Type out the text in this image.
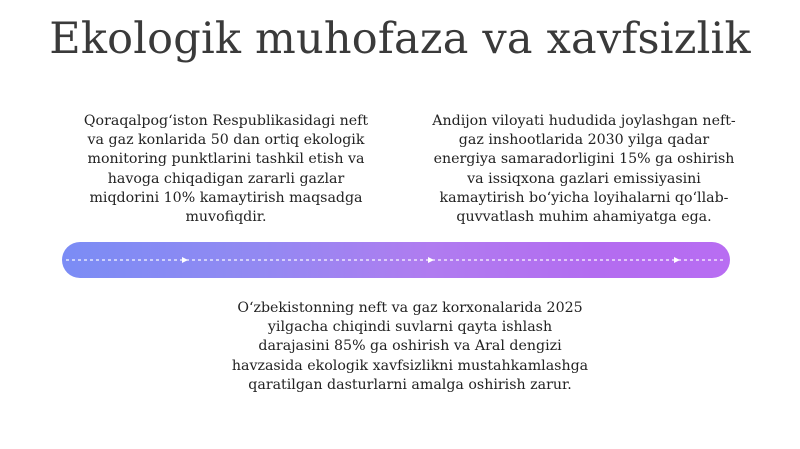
Ekologik muhofaza va xavfsizlik
Qoraqalpog‘iston Respublikasidagi neft
va gaz konlarida 50 dan ortiq ekologik
monitoring punktlarini tashkil etish va
havoga chiqadigan zararli gazlar
miqdorini 10% kamaytirish maqsadga
muvofiqdir.
Andijon viloyati hududida joylashgan neft-
gaz inshootlarida 2030 yilga qadar
energiya samaradorligini 15% ga oshirish
va issiqxona gazlari emissiyasini
kamaytirish bo‘yicha loyihalarni qo‘llab-
quvvatlash muhim ahamiyatga ega.
O‘zbekistonning neft va gaz korxonalarida 2025
yilgacha chiqindi suvlarni qayta ishlash
darajasini 85% ga oshirish va Aral dengizi
havzasida ekologik xavfsizlikni mustahkamlashga
qaratilgan dasturlarni amalga oshirish zarur.
